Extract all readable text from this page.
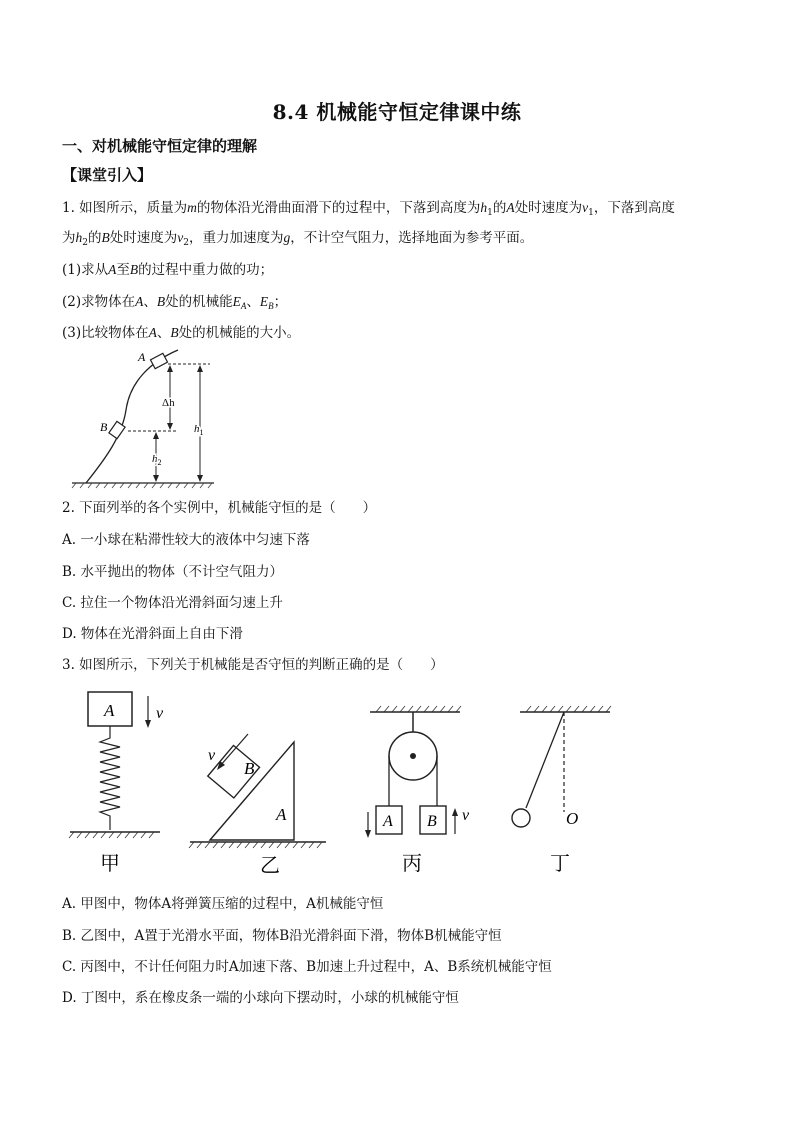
8.4 机械能守恒定律课中练
一、对机械能守恒定律的理解
【课堂引入】
1. 如图所示，质量为m的物体沿光滑曲面滑下的过程中，下落到高度为$h_1$的A处时速度为$v_1$，下落到高度
为$h_2$的B处时速度为$v_2$，重力加速度为g，不计空气阻力，选择地面为参考平面。
(1)求从A至B的过程中重力做的功；
(2)求物体在A、B处的机械能$E_A$、$E_B$；
(3)比较物体在A、B处的机械能的大小。
A
B
Δh
$h_2$
$h_1$
2. 下面列举的各个实例中，机械能守恒的是（　　）
A. 一小球在粘滞性较大的液体中匀速下落
B. 水平抛出的物体（不计空气阻力）
C. 拉住一个物体沿光滑斜面匀速上升
D. 物体在光滑斜面上自由下滑
3. 如图所示，下列关于机械能是否守恒的判断正确的是（　　）
A	v
甲
A
B
v
乙
A B v
丙
O
丁
A. 甲图中，物体A将弹簧压缩的过程中，A机械能守恒
B. 乙图中，A置于光滑水平面，物体B沿光滑斜面下滑，物体B机械能守恒
C. 丙图中，不计任何阻力时A加速下落、B加速上升过程中，A、B系统机械能守恒
D. 丁图中，系在橡皮条一端的小球向下摆动时，小球的机械能守恒
